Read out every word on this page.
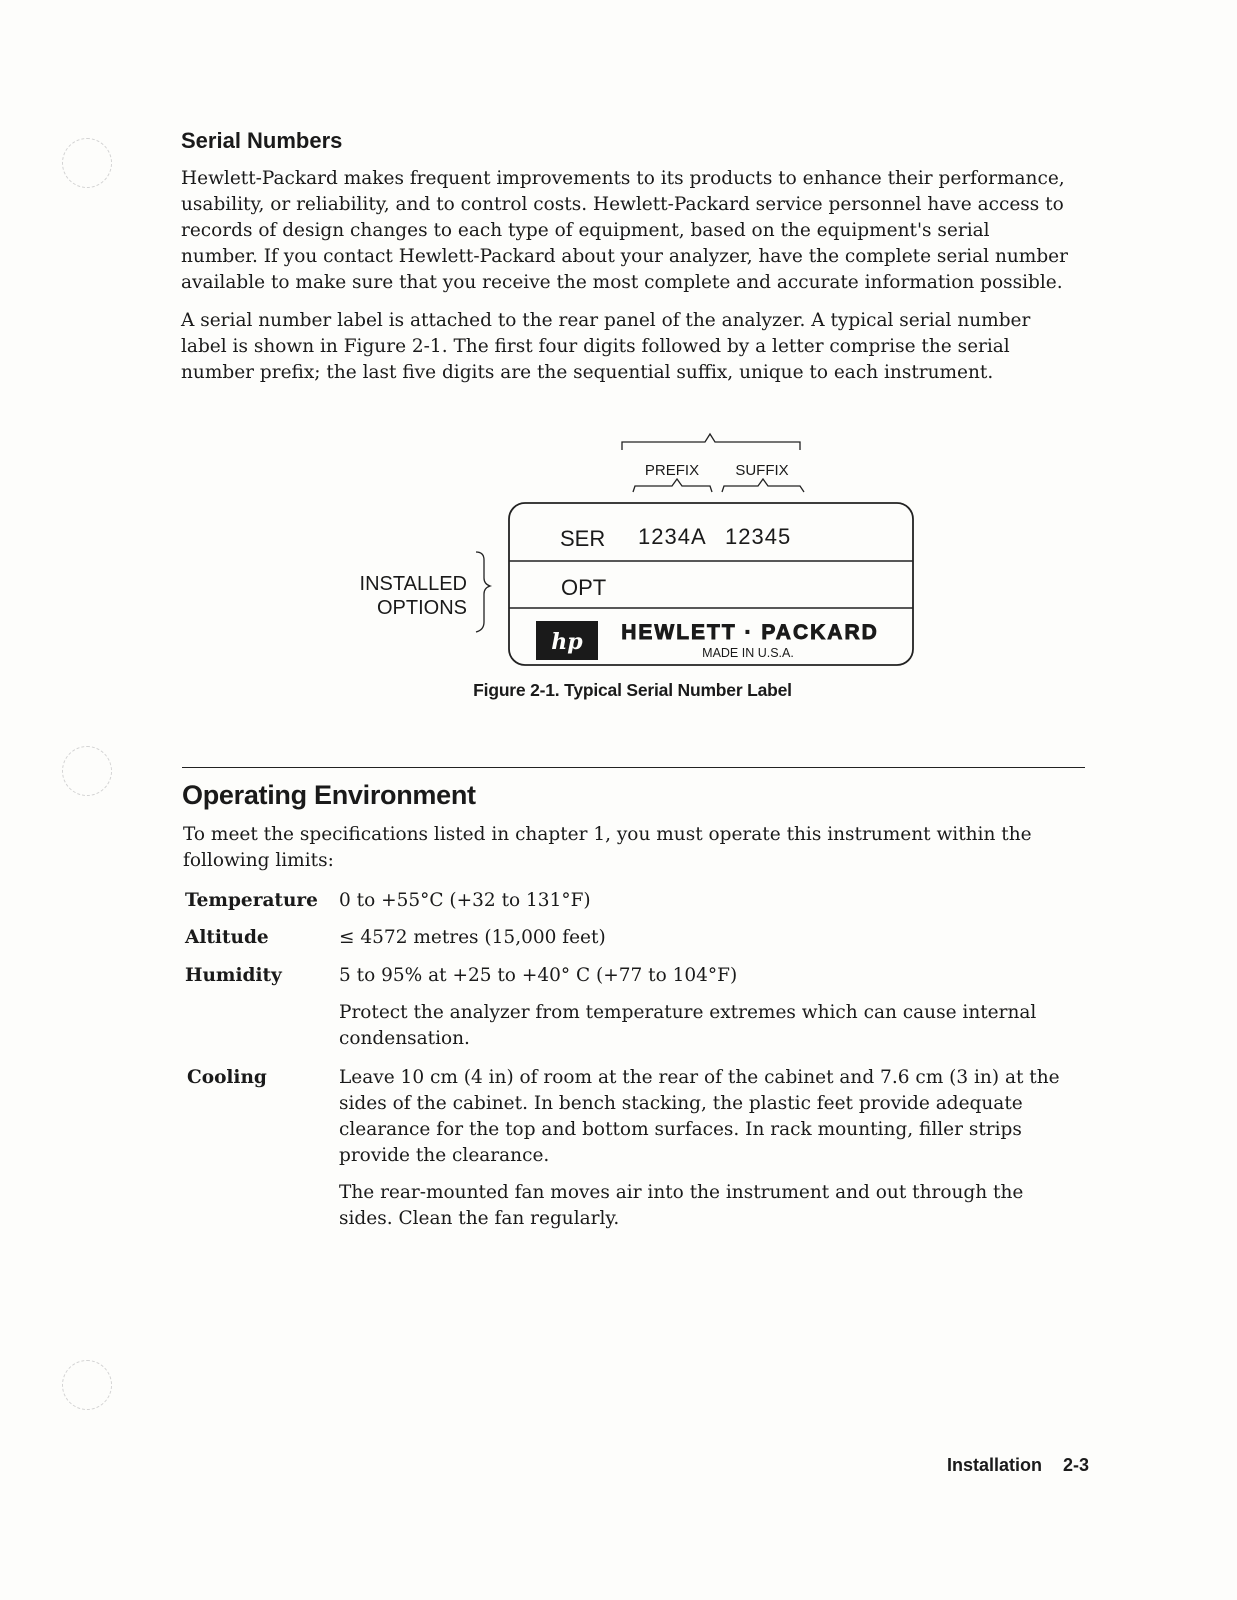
Serial Numbers

Hewlett-Packard makes frequent improvements to its products to enhance their performance, usability, or reliability, and to control costs. Hewlett-Packard service personnel have access to records of design changes to each type of equipment, based on the equipment's serial number. If you contact Hewlett-Packard about your analyzer, have the complete serial number available to make sure that you receive the most complete and accurate information possible.

A serial number label is attached to the rear panel of the analyzer. A typical serial number label is shown in Figure 2-1. The first four digits followed by a letter comprise the serial number prefix; the last five digits are the sequential suffix, unique to each instrument.

PREFIX SUFFIX
SER 1234A 12345
OPT
hp HEWLETT · PACKARD
MADE IN U.S.A.
INSTALLED
OPTIONS

Figure 2-1. Typical Serial Number Label

Operating Environment

To meet the specifications listed in chapter 1, you must operate this instrument within the following limits:

Temperature 0 to +55°C (+32 to 131°F)

Altitude	≤ 4572 metres (15,000 feet)

Humidity	5 to 95% at +25 to +40° C (+77 to 104°F)

Protect the analyzer from temperature extremes which can cause internal condensation.

Cooling	Leave 10 cm (4 in) of room at the rear of the cabinet and 7.6 cm (3 in) at the sides of the cabinet. In bench stacking, the plastic feet provide adequate clearance for the top and bottom surfaces. In rack mounting, filler strips provide the clearance.

The rear-mounted fan moves air into the instrument and out through the sides. Clean the fan regularly.

Installation 2-3
